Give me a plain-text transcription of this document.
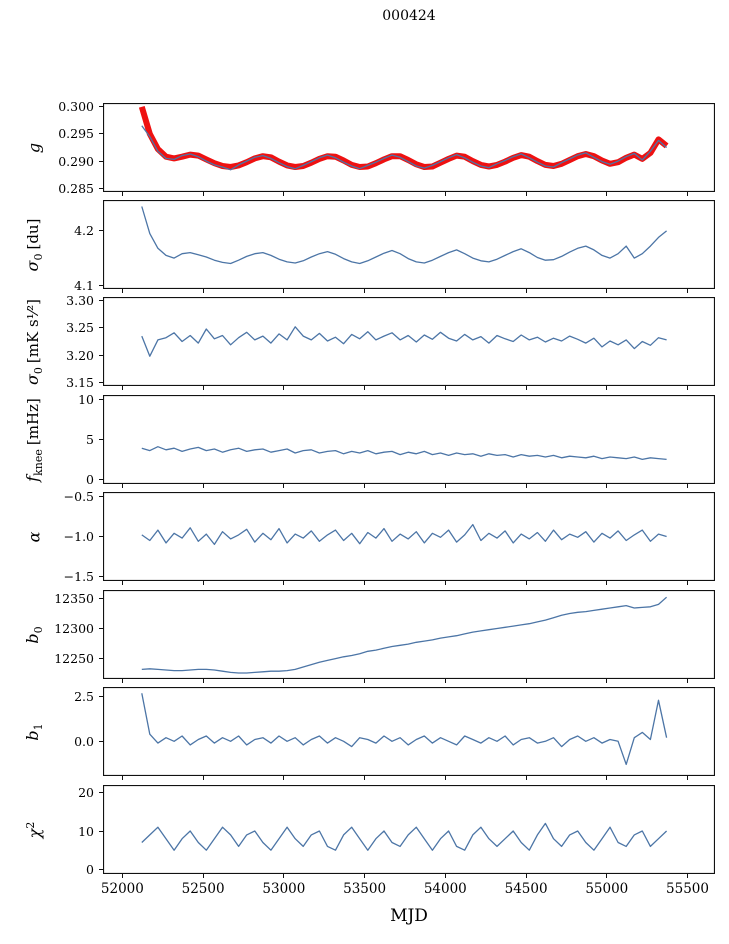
000424
MJD
0.285
0.290
0.295
0.300
g
4.1
4.2
$\sigma_0[du]$
3.15
3.20
3.25
3.30
$\sigma_0[mK$ s¹⁄²]
0
5
10
$f_{knee}[mHz]$
−1.5
−1.0
−0.5
α
12250
12300
12350
$b_0$
0.0
2.5
$b_1$
0
10
20
$\chi^2$
52000	52500	53000	53500	54000	54500	55000	55500
